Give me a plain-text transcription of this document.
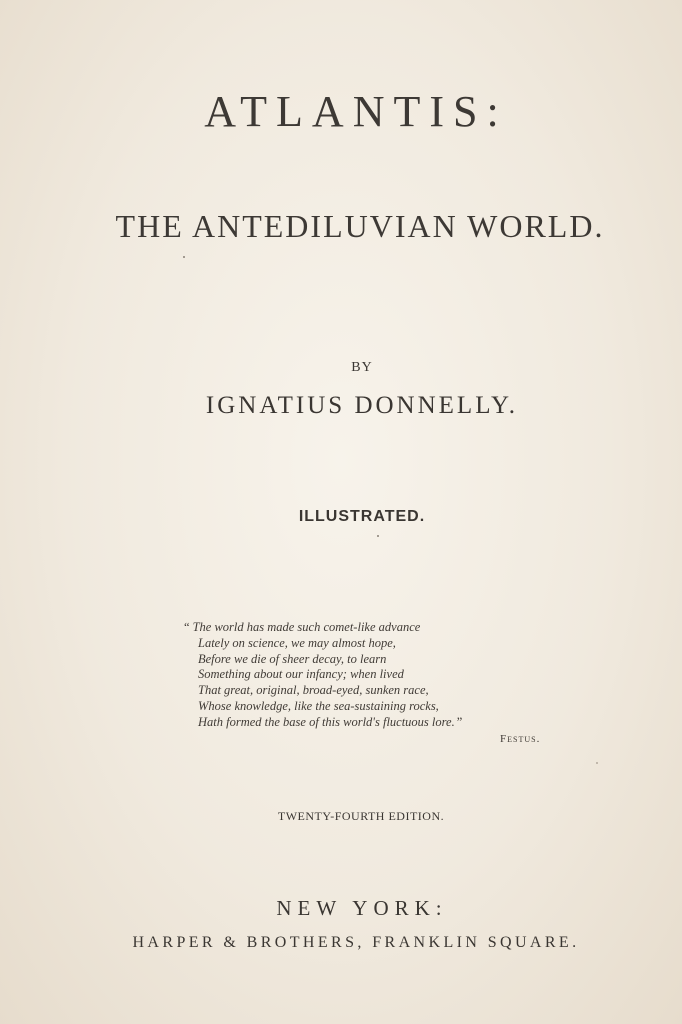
ATLANTIS:
THE ANTEDILUVIAN WORLD.
BY
IGNATIUS DONNELLY.
ILLUSTRATED.
“ The world has made such comet-like advance
Lately on science, we may almost hope,
Before we die of sheer decay, to learn
Something about our infancy; when lived
That great, original, broad-eyed, sunken race,
Whose knowledge, like the sea-sustaining rocks,
Hath formed the base of this world's fluctuous lore. ”
Festus.
TWENTY-FOURTH EDITION.
NEW YORK:
HARPER & BROTHERS, FRANKLIN SQUARE.
